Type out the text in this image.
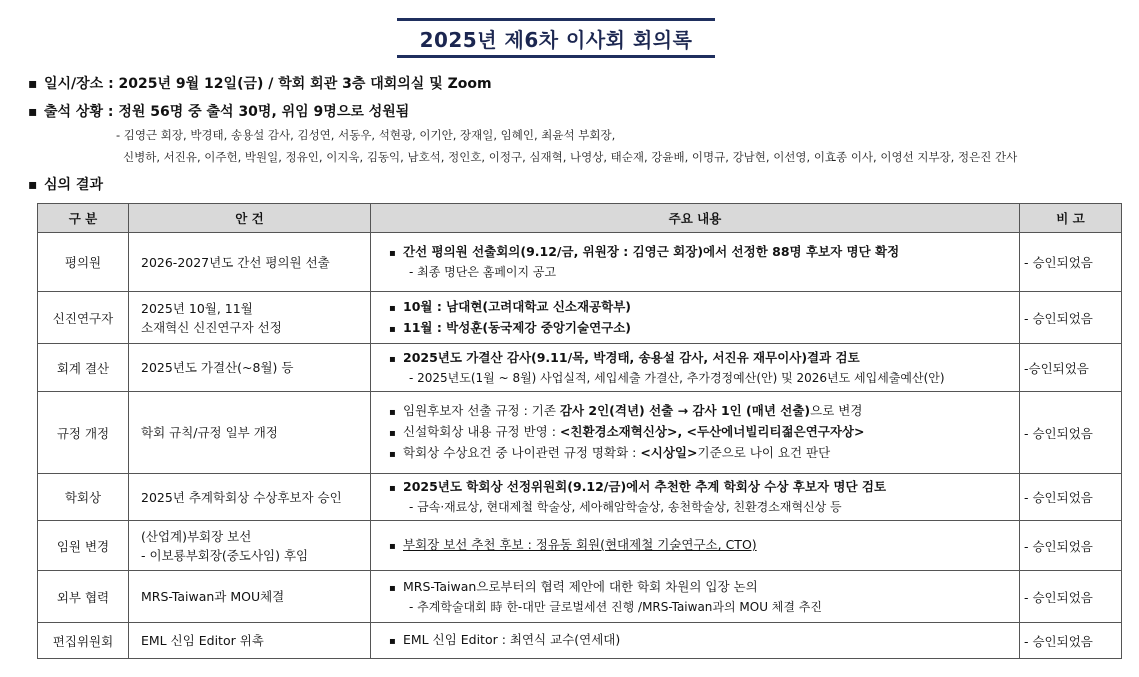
2025년 제6차 이사회 회의록
▪ 일시/장소 : 2025년 9월 12일(금) / 학회 회관 3층 대회의실 및 Zoom
▪ 출석 상황 : 정원 56명 중 출석 30명, 위임 9명으로 성원됨
- 김영근 회장, 박경태, 송용설 감사, 김성연, 서동우, 석현광, 이기안, 장재일, 임혜인, 최윤석 부회장,
신병하, 서진유, 이주헌, 박원일, 정유인, 이지욱, 김동익, 남호석, 정인호, 이정구, 심재혁, 나영상, 태순재, 강윤배, 이명규, 강남현, 이선영, 이효종 이사, 이영선 지부장, 정은진 간사
▪ 심의 결과
구 분	안 건	주요 내용	비 고
평의원	2026-2027년도 간선 평의원 선출	▪ 간선 평의원 선출회의(9.12/금, 위원장 : 김영근 회장)에서 선정한 88명 후보자 명단 확정
- 최종 명단은 홈페이지 공고	- 승인되었음
신진연구자	2025년 10월, 11월
소재혁신 신진연구자 선정	▪ 10월 : 남대현(고려대학교 신소재공학부)
▪ 11월 : 박성훈(동국제강 중앙기술연구소)	- 승인되었음
회계 결산	2025년도 가결산(~8월) 등	▪ 2025년도 가결산 감사(9.11/목, 박경태, 송용설 감사, 서진유 재무이사)결과 검토
- 2025년도(1월 ~ 8월) 사업실적, 세입세출 가결산, 추가경정예산(안) 및 2026년도 세입세출예산(안)	-승인되었음
규정 개정	학회 규칙/규정 일부 개정	▪ 임원후보자 선출 규정 : 기존 감사 2인(격년) 선출 → 감사 1인 (매년 선출)으로 변경
▪ 신설학회상 내용 규정 반영 : <친환경소재혁신상>, <두산에너빌리티젊은연구자상>
▪ 학회상 수상요건 중 나이관련 규정 명확화 : <시상일>기준으로 나이 요건 판단	- 승인되었음
학회상	2025년 추계학회상 수상후보자 승인	▪ 2025년도 학회상 선정위원회(9.12/금)에서 추천한 추계 학회상 수상 후보자 명단 검토
- 금속·재료상, 현대제철 학술상, 세아해암학술상, 송천학술상, 친환경소재혁신상 등	- 승인되었음
임원 변경	(산업계)부회장 보선
- 이보룡부회장(중도사임) 후임	▪ 부회장 보선 추천 후보 : 정유동 회원(현대제철 기술연구소, CTO)	- 승인되었음
외부 협력	MRS-Taiwan과 MOU체결	▪ MRS-Taiwan으로부터의 협력 제안에 대한 학회 차원의 입장 논의
- 추계학술대회 時 한-대만 글로벌세션 진행 /MRS-Taiwan과의 MOU 체결 추진	- 승인되었음
편집위원회	EML 신임 Editor 위촉	▪ EML 신임 Editor : 최연식 교수(연세대)	- 승인되었음
